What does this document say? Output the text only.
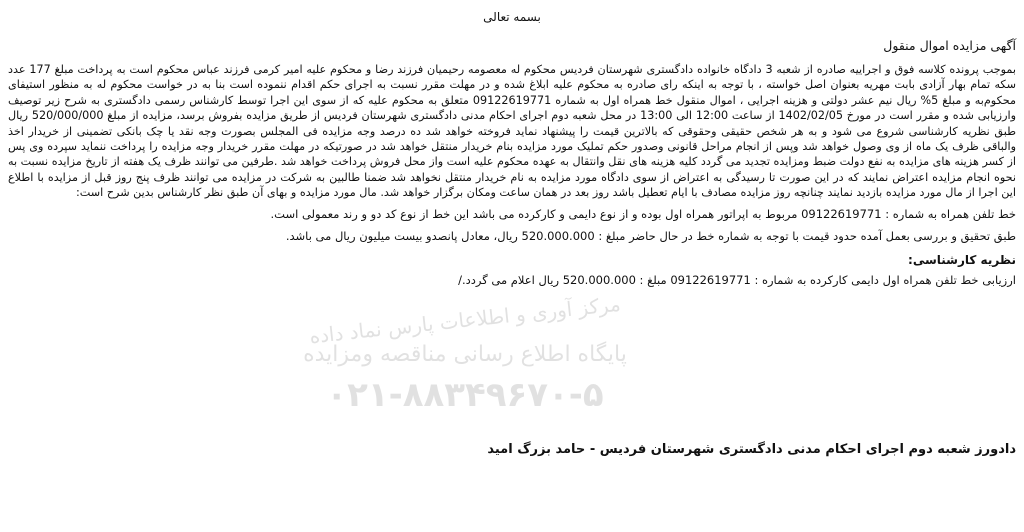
بسمه تعالی
آگهی مزایده اموال منقول

بموجب پرونده کلاسه فوق و اجراییه صادره از شعبه 3 دادگاه خانواده دادگستری شهرستان فردیس محکوم له معصومه رحیمیان فرزند رضا و محکوم علیه امیر کرمی فرزند عباس محکوم است به پرداخت مبلغ 177 عدد سکه تمام بهار آزادی بابت مهریه بعنوان اصل خواسته ، با توجه به اینکه رای صادره به محکوم علیه ابلاغ شده و در مهلت مقرر نسبت به اجرای حکم اقدام ننموده است بنا به در خواست محکوم له به منظور استیفای محکوم‌به و مبلغ 5% ریال نیم عشر دولتی و هزینه اجرایی ، اموال منقول خط همراه اول به شماره 09122619771 متعلق به محکوم علیه که از سوی این اجرا توسط کارشناس رسمی دادگستری به شرح زیر توصیف وارزیابی شده و مقرر است در مورخ 1402/02/05 از ساعت 12:00 الی 13:00 در محل شعبه دوم اجرای احکام مدنی دادگستری شهرستان فردیس از طریق مزایده بفروش برسد، مزایده از مبلغ 520/000/000 ریال طبق نظریه کارشناسی شروع می شود و به هر شخص حقیقی وحقوقی که بالاترین قیمت را پیشنهاد نماید فروخته خواهد شد ده درصد وجه مزایده فی المجلس بصورت وجه نقد یا چک بانکی تضمینی از خریدار اخذ والباقی ظرف یک ماه از وی وصول خواهد شد وپس از انجام مراحل قانونی وصدور حکم تملیک مورد مزایده بنام خریدار منتقل خواهد شد در صورتیکه در مهلت مقرر خریدار وجه مزایده را پرداخت ننماید سپرده وی پس از کسر هزینه های مزایده به نفع دولت ضبط ومزایده تجدید می گردد کلیه هزینه های نقل وانتقال به عهده محکوم علیه است واز محل فروش پرداخت خواهد شد .طرفین می توانند ظرف یک هفته از تاریخ مزایده نسبت به نحوه انجام مزایده اعتراض نمایند که در این صورت تا رسیدگی به اعتراض از سوی دادگاه مورد مزایده به نام خریدار منتقل نخواهد شد ضمنا طالبین به شرکت در مزایده می توانند ظرف پنج روز قبل از مزایده با اطلاع این اجرا از مال مورد مزایده بازدید نمایند چنانچه روز مزایده مصادف با ایام تعطیل باشد روز بعد در همان ساعت ومکان برگزار خواهد شد. مال مورد مزایده و بهای آن طبق نظر کارشناس بدین شرح است:

خط تلفن همراه به شماره : 09122619771 مربوط به اپراتور همراه اول بوده و از نوع دایمی و کارکرده می باشد این خط از نوع کد دو و رند معمولی است.

طبق تحقیق و بررسی بعمل آمده حدود قیمت با توجه به شماره خط در حال حاضر مبلغ : 520.000.000 ریال، معادل پانصدو بیست میلیون ریال می باشد.

نظریه کارشناسی:

ارزیابی خط تلفن همراه اول دایمی کارکرده به شماره : 09122619771 مبلغ : 520.000.000 ریال اعلام می گردد./

مرکز آوری و اطلاعات پارس نماد داده
پایگاه اطلاع رسانی مناقصه ومزایده
۰۲۱-۸۸۳۴۹۶۷۰-۵
دادورز شعبه دوم اجرای احکام مدنی دادگستری شهرستان فردیس - حامد بزرگ امید
